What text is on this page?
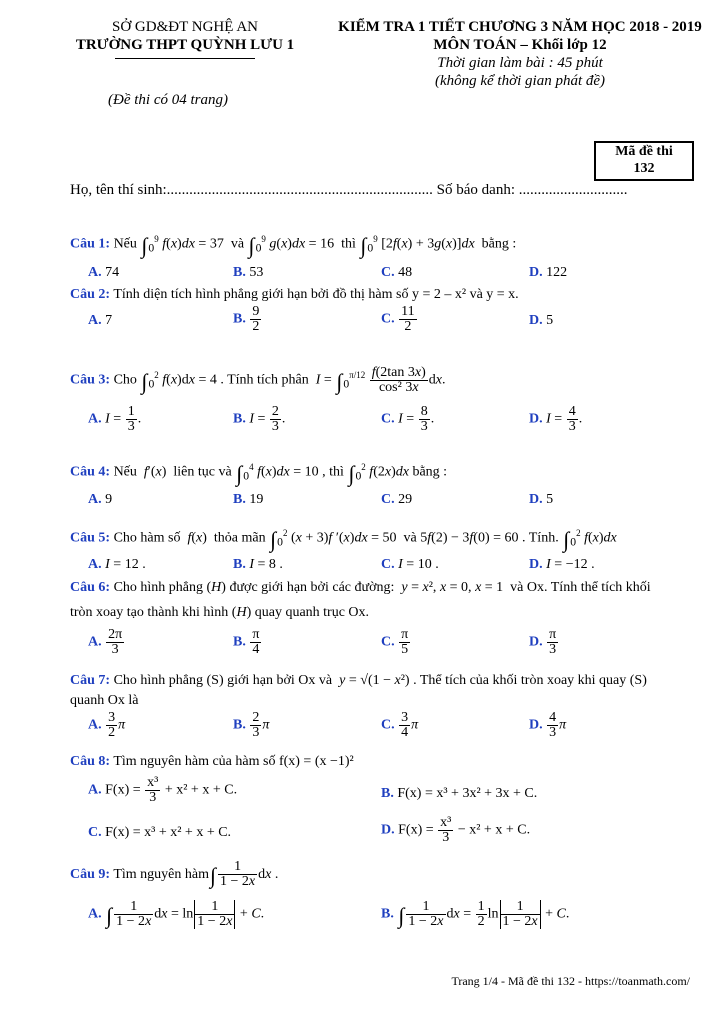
SỞ GD&ĐT NGHỆ AN
TRƯỜNG THPT QUỲNH LƯU 1
KIỂM TRA 1 TIẾT CHƯƠNG 3 NĂM HỌC 2018 - 2019
MÔN TOÁN – Khối lớp 12
Thời gian làm bài : 45 phút
(không kể thời gian phát đề)
(Đề thi có 04 trang)
Mã đề thi
132
Họ, tên thí sinh:....................................................................... Số báo danh: .............................
Câu 1: Nếu $\int_0^9$ f(x)dx = 37  và $\int_0^9$ g(x)dx = 16  thì $\int_0^9$ [2f(x) + 3g(x)]dx  bằng :
A. 74	B. 53	C. 48	D. 122
Câu 2: Tính diện tích hình phẳng giới hạn bởi đồ thị hàm số y = 2 – x² và y = x.
A. 7	B. $\frac{9}{2}$	C. $\frac{11}{2}$	D. 5
Câu 3: Cho $\int_0^2$ f(x)dx = 4 . Tính tích phân  $I = \int_0^{\pi/12} \frac{f(2\tan 3x)}{\text{cos² 3x}}$ dx.
A. $I = \frac{1}{3}$ .	B. $I = \frac{2}{3}$ .	C. $I = \frac{8}{3}$ .	D. $I = \frac{4}{3}$ .
Câu 4: Nếu  f′(x)  liên tục và $\int_0^4$ f(x)dx = 10 , thì $\int_0^2$ f(2x)dx bằng :
A. 9	B. 19	C. 29	D. 5
Câu 5: Cho hàm số  f(x)  thỏa mãn $\int_0^2$ (x + 3)f ′(x)dx = 50  và 5f(2) − 3f(0) = 60 . Tính. $\int_0^2$ f(x)dx
A. I = 12 .	B. I = 8 .	C. I = 10 .	D. I = −12 .
Câu 6: Cho hình phẳng (H) được giới hạn bởi các đường:  y = x², x = 0, x = 1  và Ox. Tính thể tích khối
tròn xoay tạo thành khi hình (H) quay quanh trục Ox.
A. $\frac{2\pi}{3}$	B. $\frac{\pi}{4}$	C. $\frac{\pi}{5}$	D. $\frac{\pi}{3}$
Câu 7: Cho hình phẳng (S) giới hạn bởi Ox và  y = √(1 − x²) . Thể tích của khối tròn xoay khi quay (S)
quanh Ox là
A. $\frac{3}{2}$ π	B. $\frac{2}{3}$ π	C. $\frac{3}{4}$ π	D. $\frac{4}{3}$ π
Câu 8: Tìm nguyên hàm của hàm số f(x) = (x −1)²
A. $F(x) = \frac{\text{x³}}{3} + x^2 + x + C$.	B. F(x) = x³ + 3x² + 3x + C.
C. F(x) = x³ + x² + x + C.	D. $F(x) = \frac{\text{x³}}{3} - x^2 + x + C$.
Câu 9: Tìm nguyên hàm∫ $\frac{1}{1 - 2x}$ dx .
A. ∫ $\frac{1}{1 - 2x}$ dx = $\ln \frac{1}{1 - 2x} + C$.	B. ∫ $\frac{1}{1 - 2x}$ dx = $\frac{1}{2}$ $\ln \frac{1}{1 - 2x} + C$.
Trang 1/4 - Mã đề thi 132 - https://toanmath.com/
